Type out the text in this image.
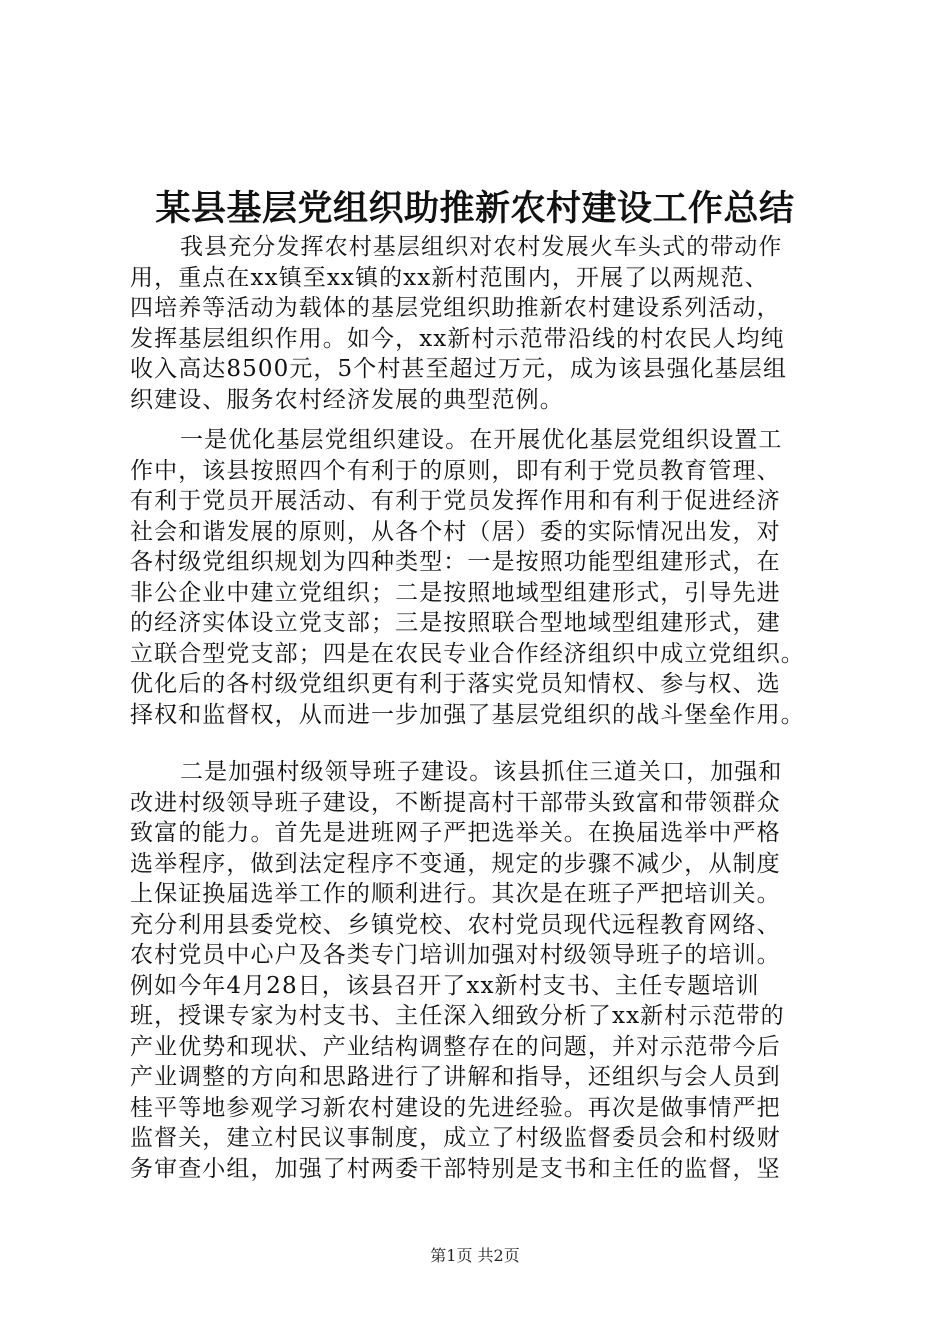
某县基层党组织助推新农村建设工作总结
我县充分发挥农村基层组织对农村发展火车头式的带动作
用，重点在xx镇至xx镇的xx新村范围内，开展了以两规范、
四培养等活动为载体的基层党组织助推新农村建设系列活动，
发挥基层组织作用。如今，xx新村示范带沿线的村农民人均纯
收入高达8500元，5个村甚至超过万元，成为该县强化基层组
织建设、服务农村经济发展的典型范例。
一是优化基层党组织建设。在开展优化基层党组织设置工
作中，该县按照四个有利于的原则，即有利于党员教育管理、
有利于党员开展活动、有利于党员发挥作用和有利于促进经济
社会和谐发展的原则，从各个村（居）委的实际情况出发，对
各村级党组织规划为四种类型：一是按照功能型组建形式，在
非公企业中建立党组织；二是按照地域型组建形式，引导先进
的经济实体设立党支部；三是按照联合型地域型组建形式，建
立联合型党支部；四是在农民专业合作经济组织中成立党组织。
优化后的各村级党组织更有利于落实党员知情权、参与权、选
择权和监督权，从而进一步加强了基层党组织的战斗堡垒作用。
二是加强村级领导班子建设。该县抓住三道关口，加强和
改进村级领导班子建设，不断提高村干部带头致富和带领群众
致富的能力。首先是进班网子严把选举关。在换届选举中严格
选举程序，做到法定程序不变通，规定的步骤不减少，从制度
上保证换届选举工作的顺利进行。其次是在班子严把培训关。
充分利用县委党校、乡镇党校、农村党员现代远程教育网络、
农村党员中心户及各类专门培训加强对村级领导班子的培训。
例如今年4月28日，该县召开了xx新村支书、主任专题培训
班，授课专家为村支书、主任深入细致分析了xx新村示范带的
产业优势和现状、产业结构调整存在的问题，并对示范带今后
产业调整的方向和思路进行了讲解和指导，还组织与会人员到
桂平等地参观学习新农村建设的先进经验。再次是做事情严把
监督关，建立村民议事制度，成立了村级监督委员会和村级财
务审查小组，加强了村两委干部特别是支书和主任的监督，坚
第1页 共2页
